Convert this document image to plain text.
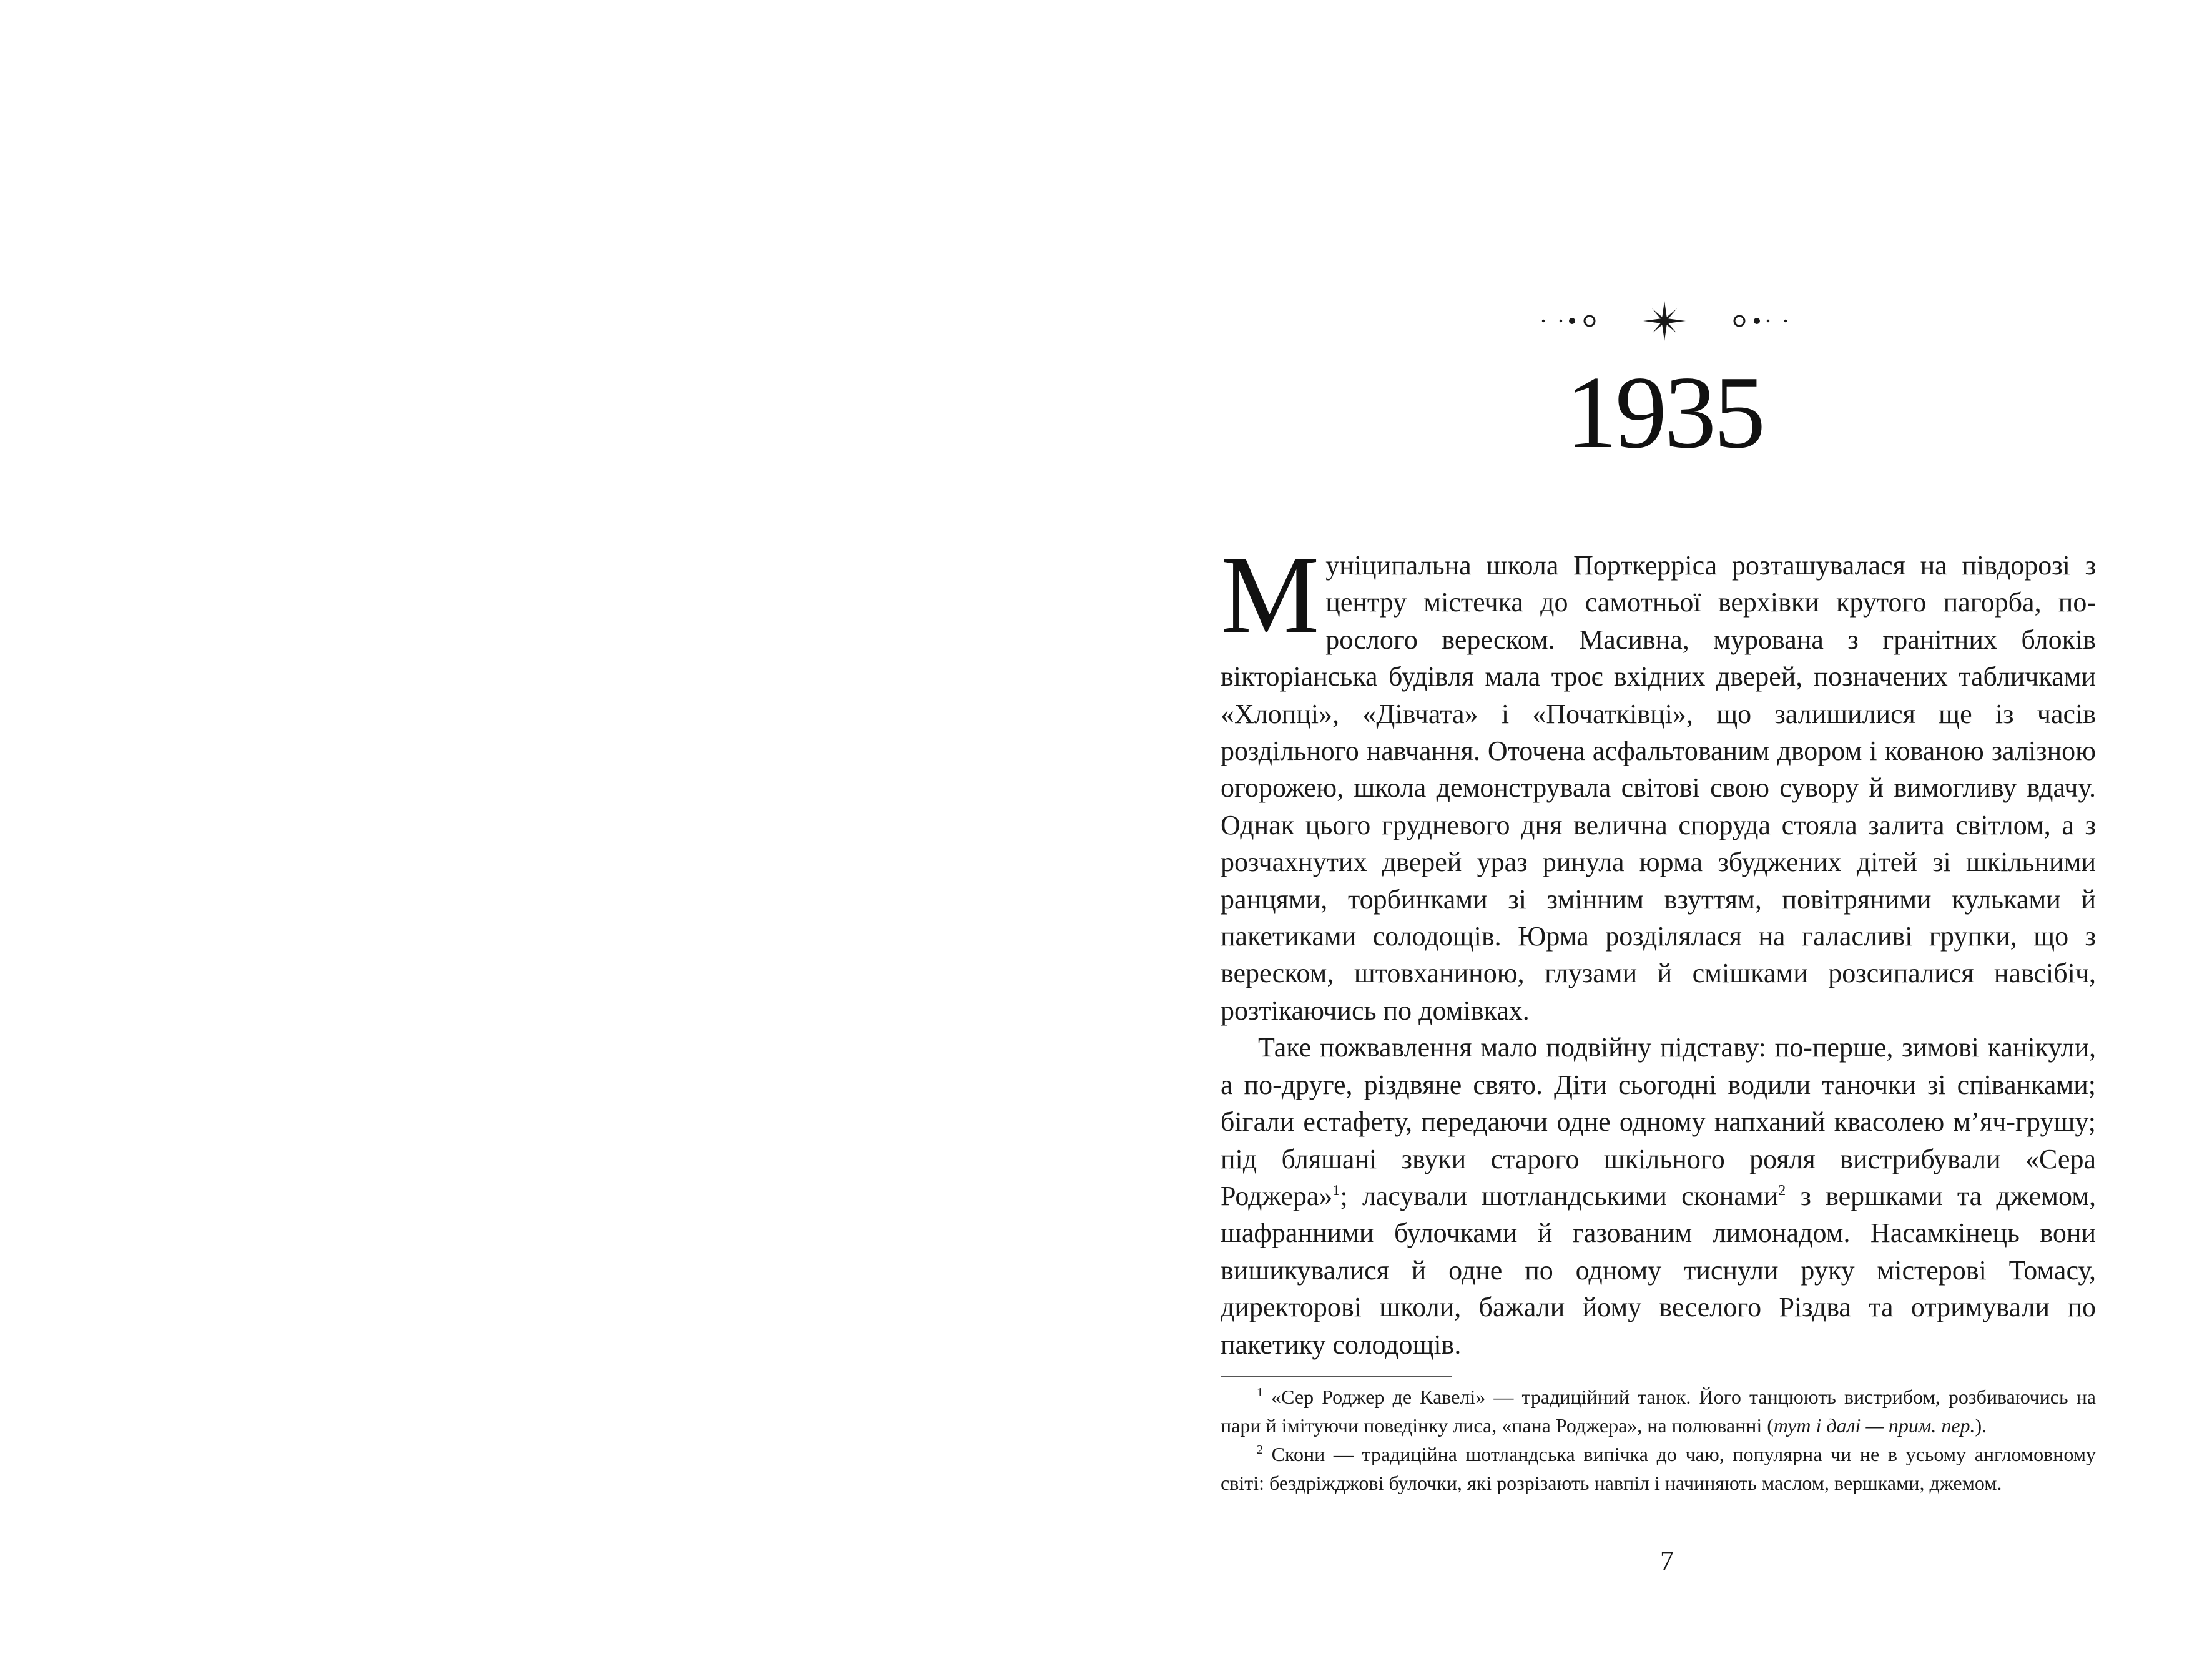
1935

Муніципальна школа Порткерріса розташувалася на півдорозі з центру містечка до самотньої верхівки крутого пагорба, порослого вереском. Масивна, мурована з гранітних блоків вікторіанська будівля мала троє вхідних дверей, позначених табличками «Хлопці», «Дівчата» і «Початківці», що залишилися ще із часів роздільного навчання. Оточена асфальтованим двором і кованою залізною огорожею, школа демонструвала світові свою сувору й вимогливу вдачу. Однак цього грудневого дня велична споруда стояла залита світлом, а з розчахнутих дверей ураз ринула юрма збуджених дітей зі шкільними ранцями, торбинками зі змінним взуттям, повітряними кульками й пакетиками солодощів. Юрма розділялася на галасливі групки, що з вереском, штовханиною, глузами й смішками розсипалися навсібіч, розтікаючись по домівках.

Таке пожвавлення мало подвійну підставу: по-перше, зимові канікули, а по-друге, різдвяне свято. Діти сьогодні водили таночки зі співанками; бігали естафету, передаючи одне одному напханий квасолею м’яч-грушу; під бляшані звуки старого шкільного рояля вистрибували «Сера Роджера»$^1$; ласували шотландськими сконами$^2$ з вершками та джемом, шафранними булочками й газованим лимонадом. Насамкінець вони вишикувалися й одне по одному тиснули руку містерові Томасу, директорові школи, бажали йому веселого Різдва та отримували по пакетику солодощів.

$^1$ «Сер Роджер де Кавелі» — традиційний танок. Його танцюють вистрибом, розбиваючись на пари й імітуючи поведінку лиса, «пана Роджера», на полюванні (тут і далі — прим. пер.).

$^2$ Скони — традиційна шотландська випічка до чаю, популярна чи не в усьому англомовному світі: бездріжджові булочки, які розрізають навпіл і начиняють маслом, вершками, джемом.

7
